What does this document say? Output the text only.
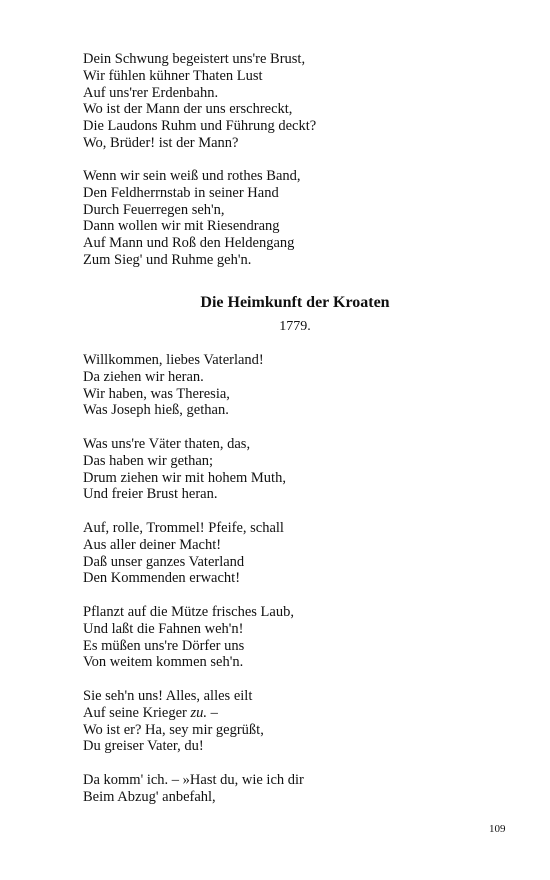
Dein Schwung begeistert uns're Brust,
Wir fühlen kühner Thaten Lust
Auf uns'rer Erdenbahn.
Wo ist der Mann der uns erschreckt,
Die Laudons Ruhm und Führung deckt?
Wo, Brüder! ist der Mann?
Wenn wir sein weiß und rothes Band,
Den Feldherrnstab in seiner Hand
Durch Feuerregen seh'n,
Dann wollen wir mit Riesendrang
Auf Mann und Roß den Heldengang
Zum Sieg' und Ruhme geh'n.
Die Heimkunft der Kroaten
1779.
Willkommen, liebes Vaterland!
Da ziehen wir heran.
Wir haben, was Theresia,
Was Joseph hieß, gethan.
Was uns're Väter thaten, das,
Das haben wir gethan;
Drum ziehen wir mit hohem Muth,
Und freier Brust heran.
Auf, rolle, Trommel! Pfeife, schall
Aus aller deiner Macht!
Daß unser ganzes Vaterland
Den Kommenden erwacht!
Pflanzt auf die Mütze frisches Laub,
Und laßt die Fahnen weh'n!
Es müßen uns're Dörfer uns
Von weitem kommen seh'n.
Sie seh'n uns! Alles, alles eilt
Auf seine Krieger zu. –
Wo ist er? Ha, sey mir gegrüßt,
Du greiser Vater, du!
Da komm' ich. – »Hast du, wie ich dir
Beim Abzug' anbefahl,
109
